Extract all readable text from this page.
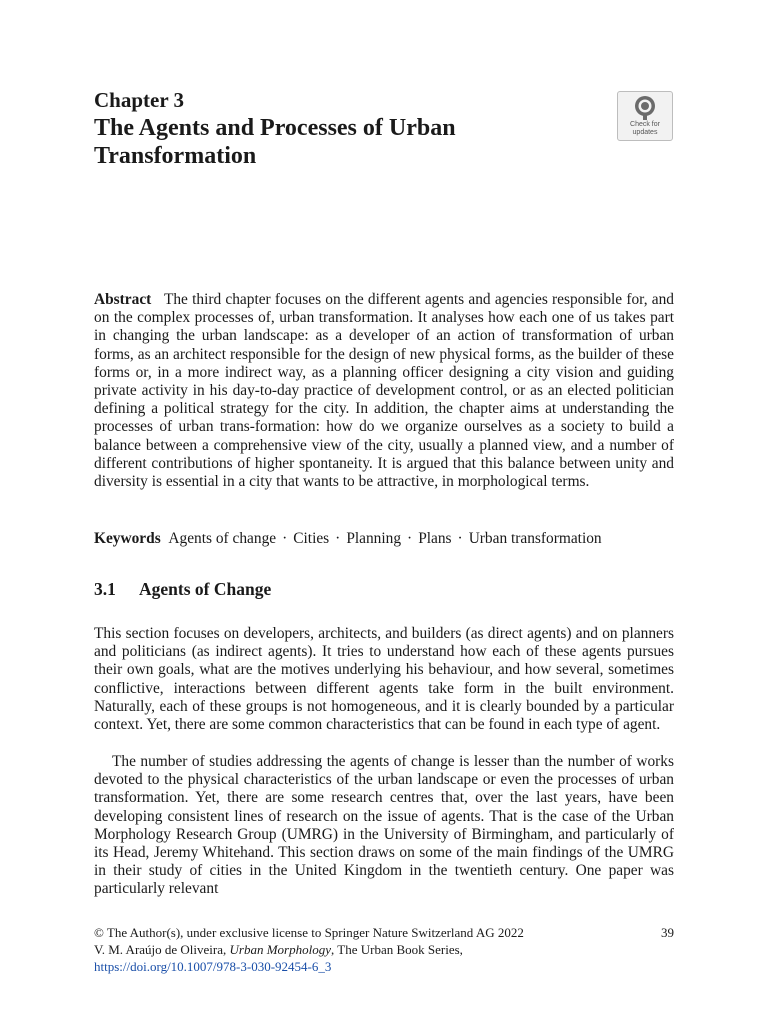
Chapter 3
The Agents and Processes of Urban
Transformation
Check for
updates
Abstract The third chapter focuses on the different agents and agencies responsible for, and on the complex processes of, urban transformation. It analyses how each one of us takes part in changing the urban landscape: as a developer of an action of transformation of urban forms, as an architect responsible for the design of new physical forms, as the builder of these forms or, in a more indirect way, as a planning officer designing a city vision and guiding private activity in his day-to-day practice of development control, or as an elected politician defining a political strategy for the city. In addition, the chapter aims at understanding the processes of urban trans-formation: how do we organize ourselves as a society to build a balance between a comprehensive view of the city, usually a planned view, and a number of different contributions of higher spontaneity. It is argued that this balance between unity and diversity is essential in a city that wants to be attractive, in morphological terms.
Keywords Agents of change · Cities · Planning · Plans · Urban transformation
3.1 Agents of Change
This section focuses on developers, architects, and builders (as direct agents) and on planners and politicians (as indirect agents). It tries to understand how each of these agents pursues their own goals, what are the motives underlying his behaviour, and how several, sometimes conflictive, interactions between different agents take form in the built environment. Naturally, each of these groups is not homogeneous, and it is clearly bounded by a particular context. Yet, there are some common characteristics that can be found in each type of agent.
The number of studies addressing the agents of change is lesser than the number of works devoted to the physical characteristics of the urban landscape or even the processes of urban transformation. Yet, there are some research centres that, over the last years, have been developing consistent lines of research on the issue of agents. That is the case of the Urban Morphology Research Group (UMRG) in the University of Birmingham, and particularly of its Head, Jeremy Whitehand. This section draws on some of the main findings of the UMRG in their study of cities in the United Kingdom in the twentieth century. One paper was particularly relevant
© The Author(s), under exclusive license to Springer Nature Switzerland AG 2022
V. M. Araújo de Oliveira, Urban Morphology, The Urban Book Series,
https://doi.org/10.1007/978-3-030-92454-6_3
39
